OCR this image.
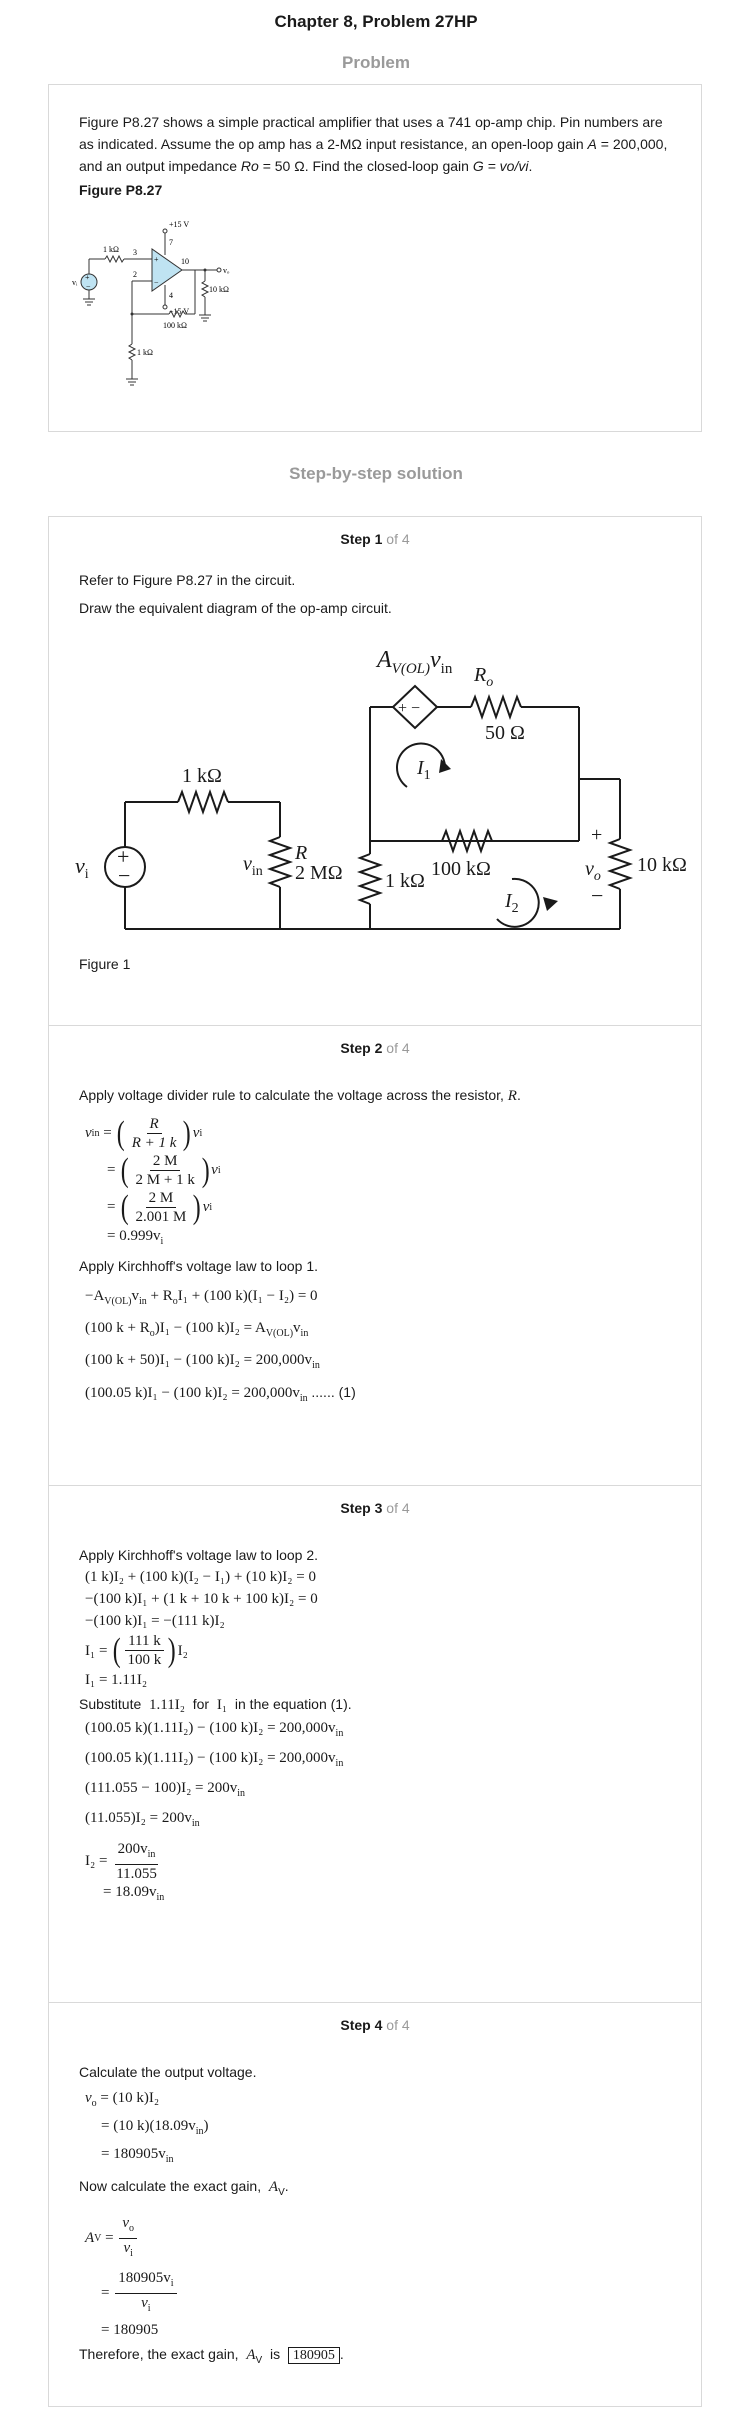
Chapter 8, Problem 27HP
Problem

Figure P8.27 shows a simple practical amplifier that uses a 741 op-amp chip. Pin numbers are as indicated. Assume the op amp has a 2-MΩ input resistance, an open-loop gain A = 200,000, and an output impedance Ro = 50 Ω. Find the closed-loop gain G = vo/vi.

Figure P8.27

+
−
vᵢ
1 kΩ 3
+
−
+15 V
7
−15 V
4
10
vₒ
10 kΩ
2
100 kΩ
1 kΩ
Step-by-step solution
Step 1 of 4

Refer to Figure P8.27 in the circuit.

Draw the equivalent diagram of the op-amp circuit.

+
−
$v_i$
1 kΩ
$v_{in}$
R
2 MΩ 1 kΩ
+ −
$A_{V(OL)}v_{in}$ $R_o$
50 Ω
$I_1$
100 kΩ	10 kΩ
+
$v_o$
−
$I_2$

Figure 1

Step 2 of 4

Apply voltage divider rule to calculate the voltage across the resistor, R.

v in = ( $\frac{R}{R + 1 k}$ ) v i
= ( $\frac{2 M}{2 M + 1 k}$ ) v i
= ( $\frac{2 M}{2.001 M}$ ) v i
= $0.999v_i$

Apply Kirchhoff's voltage law to loop 1.

$-A_{V(OL)}v_{in} + R_oI_1 + (100$ k)(I₁ − I₂) = 0
(100 $k + R_o)I_1 - (100$ $k)I_2 = A_{V(OL)}v_{in}$
(100 k + 50)I₁ − (100 $k)I_2 = 200,000v_{in}$
(100.05 k)I₁ − (100 $k)I_2 = 200,000v_{in}$ ...... (1)
Step 3 of 4

Apply Kirchhoff's voltage law to loop 2.

(1 k)I₂ + (100 k)(I₂ − I₁) + (10 k)I₂ = 0
−(100 k)I₁ + (1 k + 10 k + 100 k)I₂ = 0
−(100 k)I₁ = −(111 k)I₂
I₁ =
( $\frac{111 k}{100 k}$ ) I₂
I₁ = 1.11I₂

Substitute 1.11I₂ for I₁ in the equation (1).

(100.05 k)(1.11I₂) − (100 $k)I_2 = 200,000v_{in}$
(100.05 k)(1.11I₂) − (100 $k)I_2 = 200,000v_{in}$
$(111.055 - 100)I_2 = 200v_{in}$
$(11.055)I_2 = 200v_{in}$
I₂ =
$\frac{200v_{in}}{11.055}$
= $18.09v_{in}$
Step 4 of 4

Calculate the output voltage.

$v_o = (10$ k)I₂
= (10 $k)(18.09v_{in})$
= $180905v_{in}$

Now calculate the exact gain, $A_V$.

A $V = \frac{v_o}{v_i}$
= $\frac{180905v_i}{v_i}$
= 180905

Therefore, the exact gain, $A_V$ is 180905 .
